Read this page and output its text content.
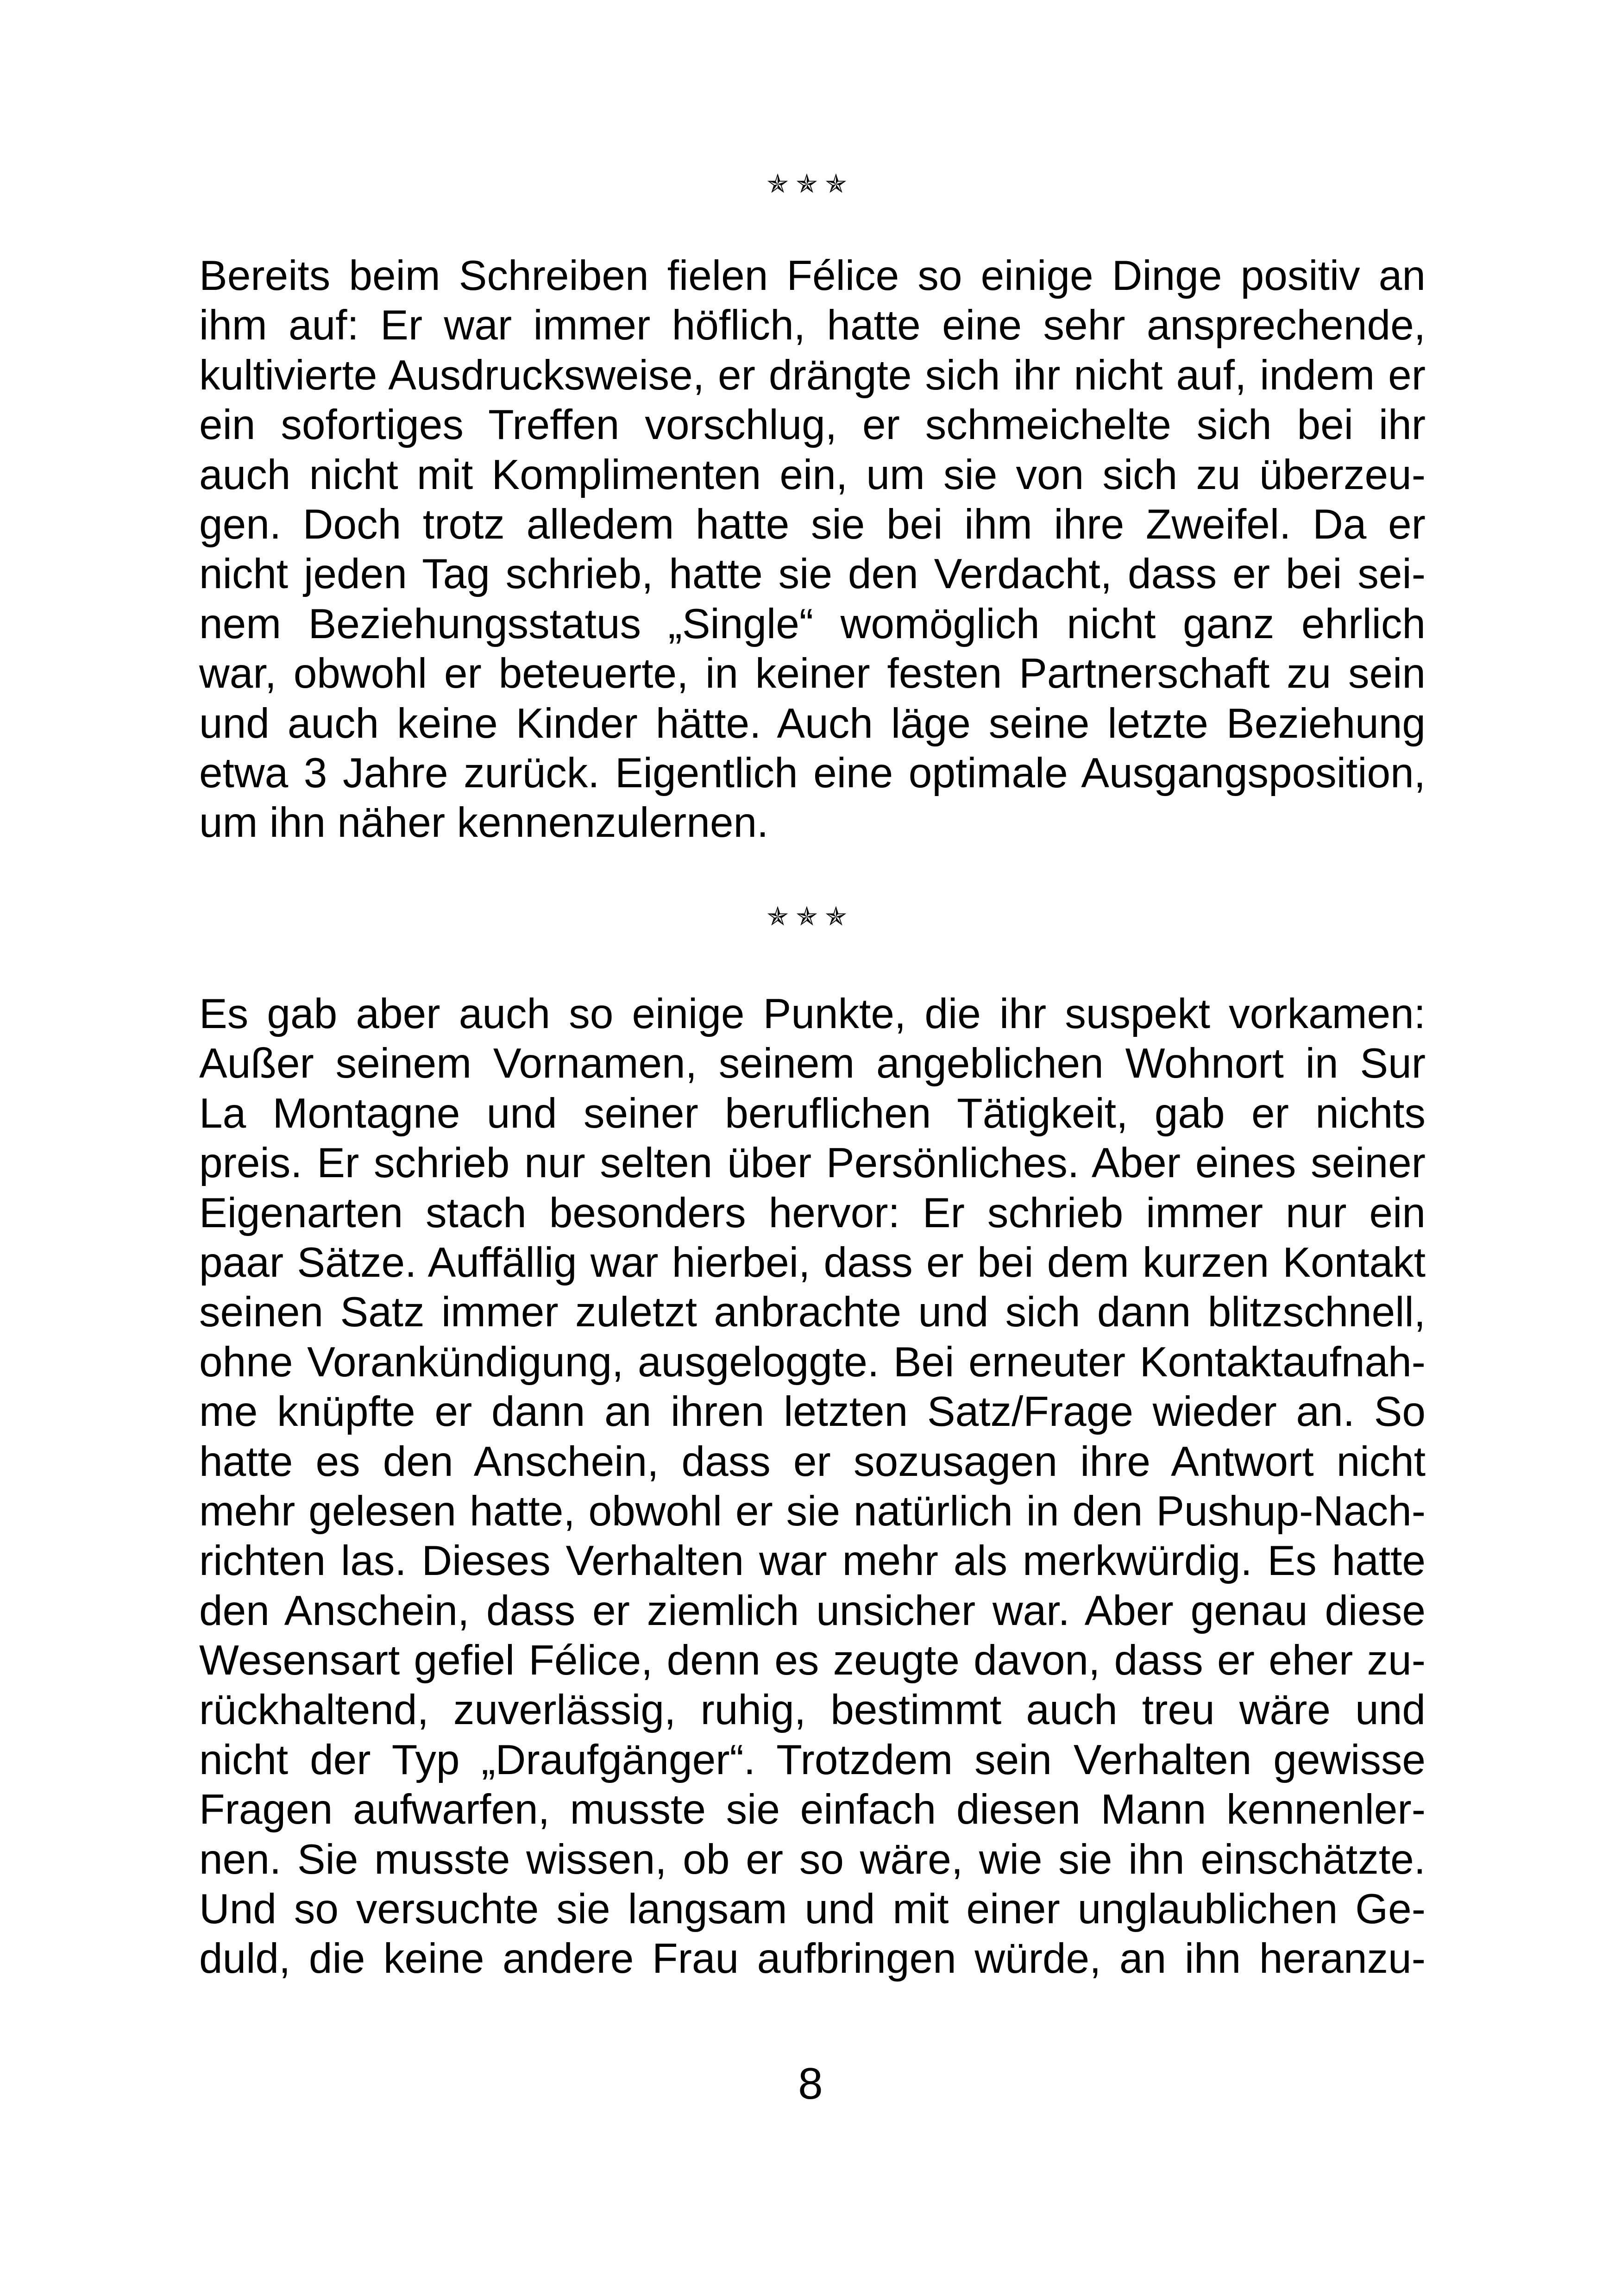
✯✯✯
Bereits beim Schreiben fielen Félice so einige Dinge positiv an
ihm auf: Er war immer höflich, hatte eine sehr ansprechende,
kultivierte Ausdrucksweise, er drängte sich ihr nicht auf, indem er
ein sofortiges Treffen vorschlug, er schmeichelte sich bei ihr
auch nicht mit Komplimenten ein, um sie von sich zu überzeu-
gen. Doch trotz alledem hatte sie bei ihm ihre Zweifel. Da er
nicht jeden Tag schrieb, hatte sie den Verdacht, dass er bei sei-
nem Beziehungsstatus „Single“ womöglich nicht ganz ehrlich
war, obwohl er beteuerte, in keiner festen Partnerschaft zu sein
und auch keine Kinder hätte. Auch läge seine letzte Beziehung
etwa 3 Jahre zurück. Eigentlich eine optimale Ausgangsposition,
um ihn näher kennenzulernen.
✯✯✯
Es gab aber auch so einige Punkte, die ihr suspekt vorkamen:
Außer seinem Vornamen, seinem angeblichen Wohnort in Sur
La Montagne und seiner beruflichen Tätigkeit, gab er nichts
preis. Er schrieb nur selten über Persönliches. Aber eines seiner
Eigenarten stach besonders hervor: Er schrieb immer nur ein
paar Sätze. Auffällig war hierbei, dass er bei dem kurzen Kontakt
seinen Satz immer zuletzt anbrachte und sich dann blitzschnell,
ohne Vorankündigung, ausgeloggte. Bei erneuter Kontaktaufnah-
me knüpfte er dann an ihren letzten Satz/Frage wieder an. So
hatte es den Anschein, dass er sozusagen ihre Antwort nicht
mehr gelesen hatte, obwohl er sie natürlich in den Pushup-Nach-
richten las. Dieses Verhalten war mehr als merkwürdig. Es hatte
den Anschein, dass er ziemlich unsicher war. Aber genau diese
Wesensart gefiel Félice, denn es zeugte davon, dass er eher zu-
rückhaltend, zuverlässig, ruhig, bestimmt auch treu wäre und
nicht der Typ „Draufgänger“. Trotzdem sein Verhalten gewisse
Fragen aufwarfen, musste sie einfach diesen Mann kennenler-
nen. Sie musste wissen, ob er so wäre, wie sie ihn einschätzte.
Und so versuchte sie langsam und mit einer unglaublichen Ge-
duld, die keine andere Frau aufbringen würde, an ihn heranzu-
8
